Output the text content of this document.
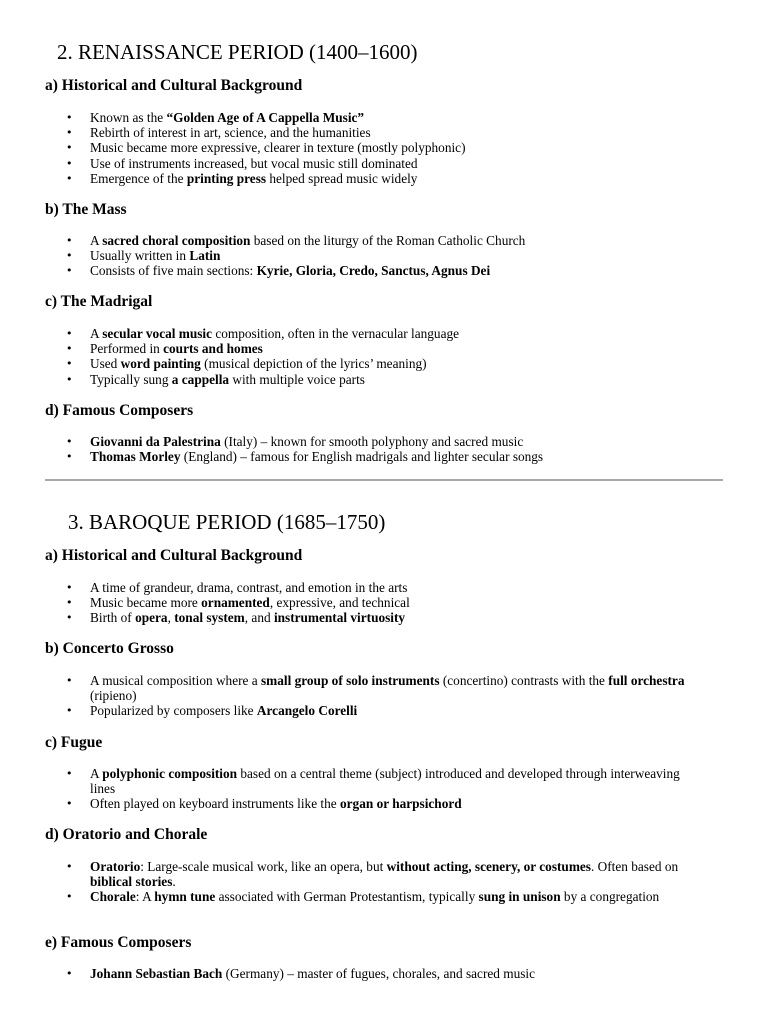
2. RENAISSANCE PERIOD (1400–1600)
a) Historical and Cultural Background
• Known as the “Golden Age of A Cappella Music”
• Rebirth of interest in art, science, and the humanities
• Music became more expressive, clearer in texture (mostly polyphonic)
• Use of instruments increased, but vocal music still dominated
• Emergence of the printing press helped spread music widely
b) The Mass
• A sacred choral composition based on the liturgy of the Roman Catholic Church
• Usually written in Latin
• Consists of five main sections: Kyrie, Gloria, Credo, Sanctus, Agnus Dei
c) The Madrigal
• A secular vocal music composition, often in the vernacular language
• Performed in courts and homes
• Used word painting (musical depiction of the lyrics’ meaning)
• Typically sung a cappella with multiple voice parts
d) Famous Composers
• Giovanni da Palestrina (Italy) – known for smooth polyphony and sacred music
• Thomas Morley (England) – famous for English madrigals and lighter secular songs
3. BAROQUE PERIOD (1685–1750)
a) Historical and Cultural Background
• A time of grandeur, drama, contrast, and emotion in the arts
• Music became more ornamented, expressive, and technical
• Birth of opera, tonal system, and instrumental virtuosity
b) Concerto Grosso
• A musical composition where a small group of solo instruments (concertino) contrasts with the full orchestra (ripieno)
• Popularized by composers like Arcangelo Corelli
c) Fugue
• A polyphonic composition based on a central theme (subject) introduced and developed through interweaving lines
• Often played on keyboard instruments like the organ or harpsichord
d) Oratorio and Chorale
• Oratorio: Large-scale musical work, like an opera, but without acting, scenery, or costumes. Often based on biblical stories.
• Chorale: A hymn tune associated with German Protestantism, typically sung in unison by a congregation
e) Famous Composers
• Johann Sebastian Bach (Germany) – master of fugues, chorales, and sacred music
